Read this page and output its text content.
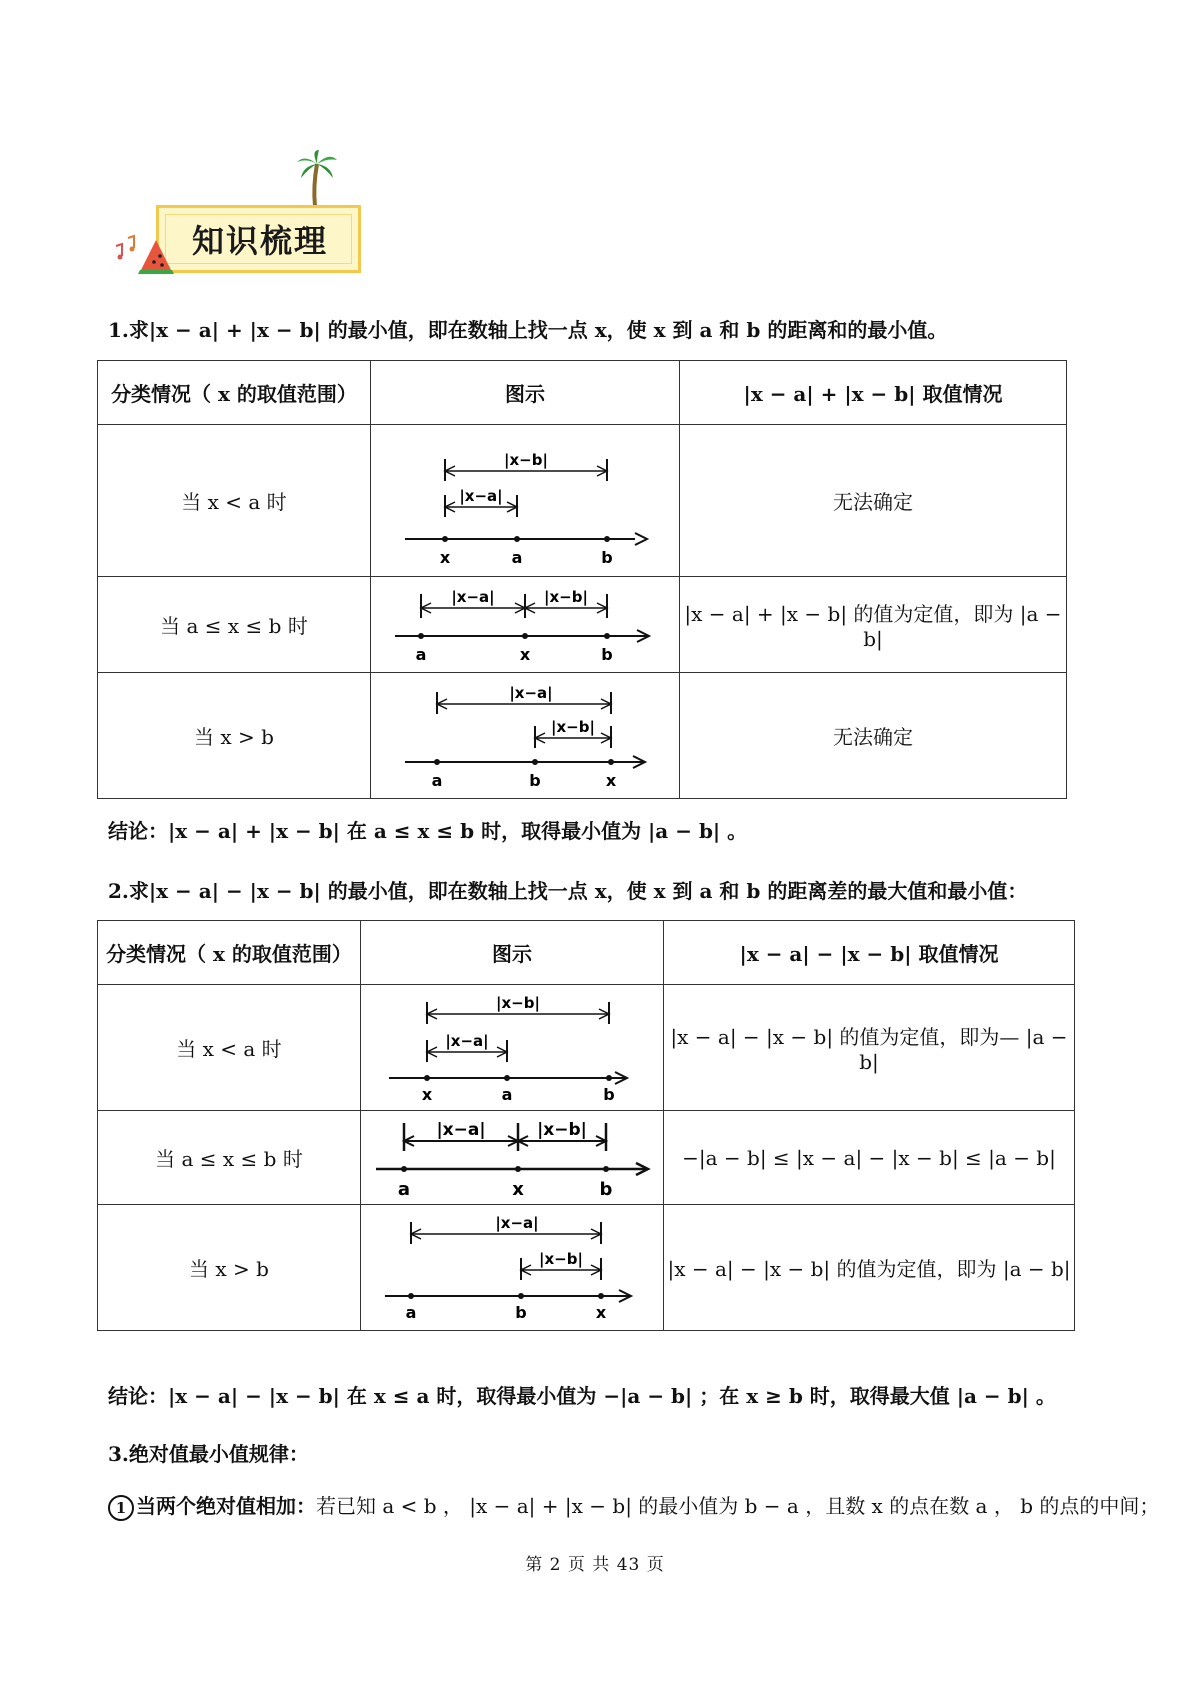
知识梳理
1.求|x − a| + |x − b| 的最小值，即在数轴上找一点 x，使 x 到 a 和 b 的距离和的最小值。
分类情况（ x 的取值范围）	图示	|x − a| + |x − b| 取值情况
当 x < a 时	x a b
|x−b|
|x−a|	无法确定
当 a ≤ x ≤ b 时	a x b
|x−a| |x−b|	|x − a| + |x − b| 的值为定值，即为 |a − b|
当 x > b	a b x
|x−a|
|x−b|	无法确定
结论：|x − a| + |x − b| 在 a ≤ x ≤ b 时，取得最小值为 |a − b| 。
2.求|x − a| − |x − b| 的最小值，即在数轴上找一点 x，使 x 到 a 和 b 的距离差的最大值和最小值：
分类情况（ x 的取值范围）	图示	|x − a| − |x − b| 取值情况
当 x < a 时	x a b
|x−b|
|x−a|	|x − a| − |x − b| 的值为定值，即为— |a − b|
当 a ≤ x ≤ b 时	a x b
|x−a| |x−b|	−|a − b| ≤ |x − a| − |x − b| ≤ |a − b|
当 x > b	a b x
|x−a|
|x−b|	|x − a| − |x − b| 的值为定值，即为 |a − b|
结论：|x − a| − |x − b| 在 x ≤ a 时，取得最小值为 −|a − b| ；在 x ≥ b 时，取得最大值 |a − b| 。
3.绝对值最小值规律：
1 当两个绝对值相加：若已知 a < b ， |x − a| + |x − b| 的最小值为 b − a ，且数 x 的点在数 a ， b 的点的中间；
第 2 页 共 43 页
